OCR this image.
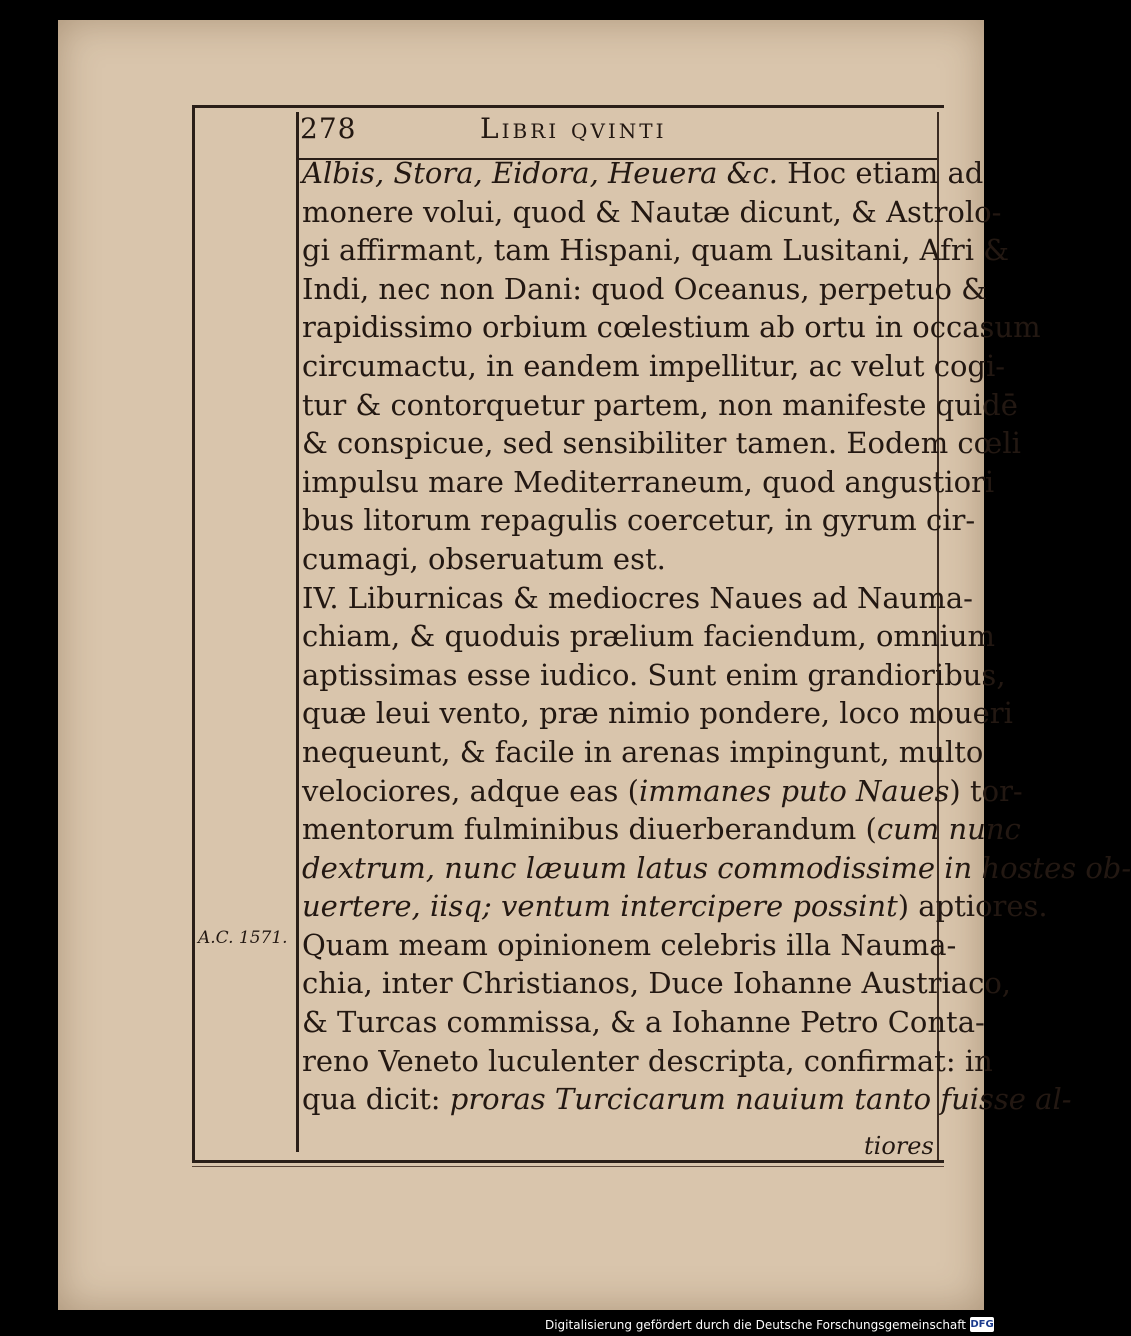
278	Libri qvinti
A.C. 1571.
Albis, Stora, Eidora, Heuera &c. Hoc etiam ad
monere volui, quod & Nautæ dicunt, & Astrolo-
gi affirmant, tam Hispani, quam Lusitani, Afri &
Indi, nec non Dani: quod Oceanus, perpetuo &
rapidissimo orbium cœlestium ab ortu in occasum
circumactu, in eandem impellitur, ac velut cogi-
tur & contorquetur partem, non manifeste quidē
& conspicue, sed sensibiliter tamen. Eodem cœli
impulsu mare Mediterraneum, quod angustiori
bus litorum repagulis coercetur, in gyrum cir-
cumagi, obseruatum est.
IV. Liburnicas & mediocres Naues ad Nauma-
chiam, & quoduis prælium faciendum, omnium
aptissimas esse iudico. Sunt enim grandioribus,
quæ leui vento, præ nimio pondere, loco moueri
nequeunt, & facile in arenas impingunt, multo
velociores, adque eas (immanes puto Naues) tor-
mentorum fulminibus diuerberandum (cum nunc
dextrum, nunc læuum latus commodissime in hostes ob-
uertere, iisq; ventum intercipere possint) aptiores.
Quam meam opinionem celebris illa Nauma-
chia, inter Christianos, Duce Iohanne Austriaco,
& Turcas commissa, & a Iohanne Petro Conta-
reno Veneto luculenter descripta, confirmat: in
qua dicit: proras Turcicarum nauium tanto fuisse al-
tiores
Digitalisierung gefördert durch die Deutsche Forschungsgemeinschaft DFG
